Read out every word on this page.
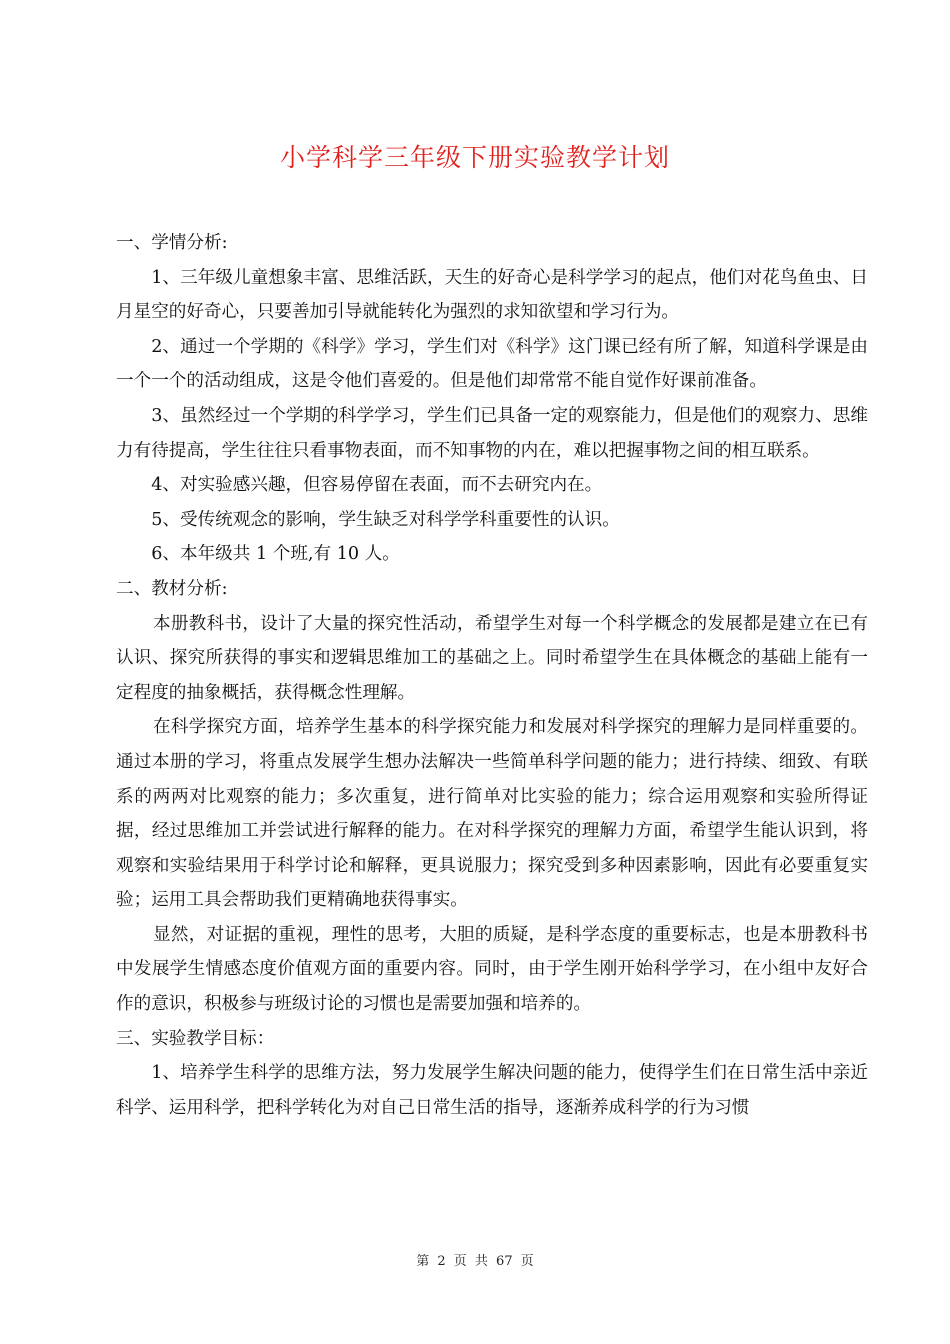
小学科学三年级下册实验教学计划

一、学情分析:

1、三年级儿童想象丰富、思维活跃，天生的好奇心是科学学习的起点，他们对花鸟鱼虫、日月星空的好奇心，只要善加引导就能转化为强烈的求知欲望和学习行为。

2、通过一个学期的《科学》学习，学生们对《科学》这门课已经有所了解，知道科学课是由一个一个的活动组成，这是令他们喜爱的。但是他们却常常不能自觉作好课前准备。

3、虽然经过一个学期的科学学习，学生们已具备一定的观察能力，但是他们的观察力、思维力有待提高，学生往往只看事物表面，而不知事物的内在，难以把握事物之间的相互联系。

4、对实验感兴趣，但容易停留在表面，而不去研究内在。

5、受传统观念的影响，学生缺乏对科学学科重要性的认识。

6、本年级共 1 个班,有 10 人。

二、教材分析:

本册教科书，设计了大量的探究性活动，希望学生对每一个科学概念的发展都是建立在已有认识、探究所获得的事实和逻辑思维加工的基础之上。同时希望学生在具体概念的基础上能有一定程度的抽象概括，获得概念性理解。

在科学探究方面，培养学生基本的科学探究能力和发展对科学探究的理解力是同样重要的。通过本册的学习，将重点发展学生想办法解决一些简单科学问题的能力；进行持续、细致、有联系的两两对比观察的能力；多次重复，进行简单对比实验的能力；综合运用观察和实验所得证据，经过思维加工并尝试进行解释的能力。在对科学探究的理解力方面，希望学生能认识到，将观察和实验结果用于科学讨论和解释，更具说服力；探究受到多种因素影响，因此有必要重复实验；运用工具会帮助我们更精确地获得事实。

显然，对证据的重视，理性的思考，大胆的质疑，是科学态度的重要标志，也是本册教科书中发展学生情感态度价值观方面的重要内容。同时，由于学生刚开始科学学习，在小组中友好合作的意识，积极参与班级讨论的习惯也是需要加强和培养的。

三、实验教学目标：

1、培养学生科学的思维方法，努力发展学生解决问题的能力，使得学生们在日常生活中亲近科学、运用科学，把科学转化为对自己日常生活的指导，逐渐养成科学的行为习惯

第 2 页 共 67 页
